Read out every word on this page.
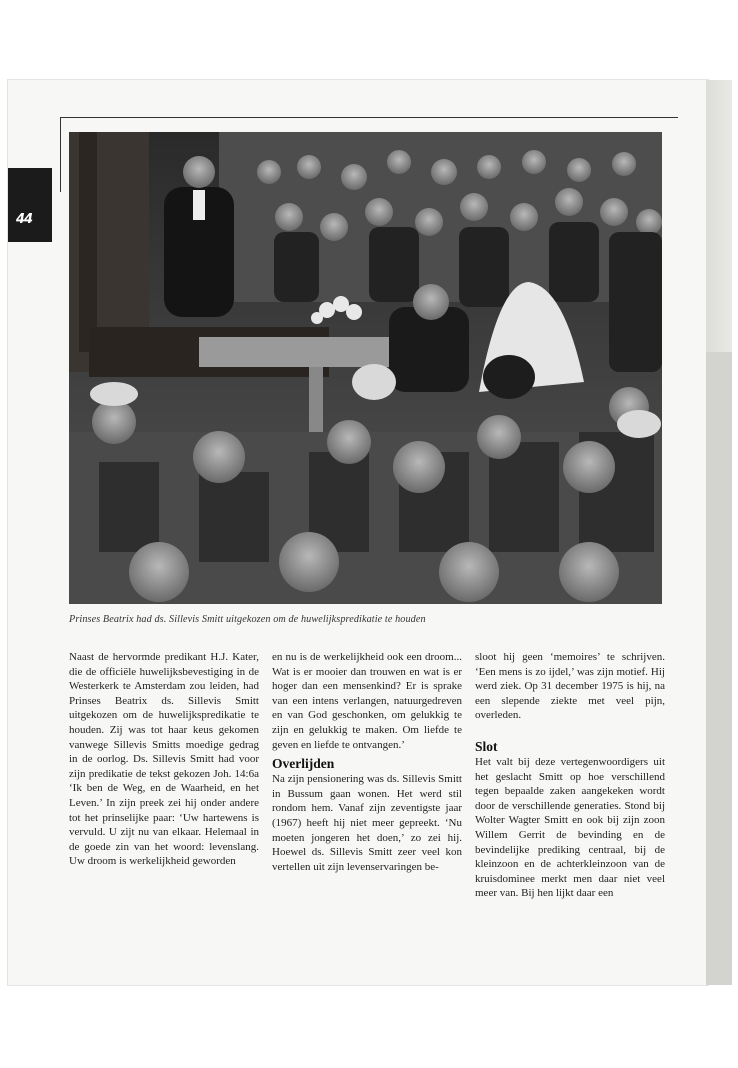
44
Prinses Beatrix had ds. Sillevis Smitt uitgekozen om de huwelijkspredikatie te houden

Naast de hervormde predikant H.J. Kater, die de officiële huwelijksbevestiging in de Westerkerk te Amsterdam zou leiden, had Prinses Beatrix ds. Sillevis Smitt uitgekozen om de huwelijkspredikatie te houden. Zij was tot haar keus gekomen vanwege Sillevis Smitts moedige gedrag in de oorlog. Ds. Sillevis Smitt had voor zijn predikatie de tekst gekozen Joh. 14:6a ‘Ik ben de Weg, en de Waarheid, en het Leven.’ In zijn preek zei hij onder andere tot het prinselijke paar: ‘Uw hartewens is vervuld. U zijt nu van elkaar. Helemaal in de goede zin van het woord: levenslang. Uw droom is werkelijkheid geworden

en nu is de werkelijkheid ook een droom... Wat is er mooier dan trouwen en wat is er hoger dan een mensenkind? Er is sprake van een intens verlangen, natuurgedreven en van God geschonken, om gelukkig te zijn en gelukkig te maken. Om liefde te geven en liefde te ontvangen.’

Overlijden

Na zijn pensionering was ds. Sillevis Smitt in Bussum gaan wonen. Het werd stil rondom hem. Vanaf zijn zeventigste jaar (1967) heeft hij niet meer gepreekt. ‘Nu moeten jongeren het doen,’ zo zei hij. Hoewel ds. Sillevis Smitt zeer veel kon vertellen uit zijn levenservaringen be-

sloot hij geen ‘memoires’ te schrijven. ‘Een mens is zo ijdel,’ was zijn motief. Hij werd ziek. Op 31 december 1975 is hij, na een slepende ziekte met veel pijn, overleden.

Slot

Het valt bij deze vertegenwoordigers uit het geslacht Smitt op hoe verschillend tegen bepaalde zaken aangekeken wordt door de verschillende generaties. Stond bij Wolter Wagter Smitt en ook bij zijn zoon Willem Gerrit de bevinding en de bevindelijke prediking centraal, bij de kleinzoon en de achterkleinzoon van de kruisdominee merkt men daar niet veel meer van. Bij hen lijkt daar een
